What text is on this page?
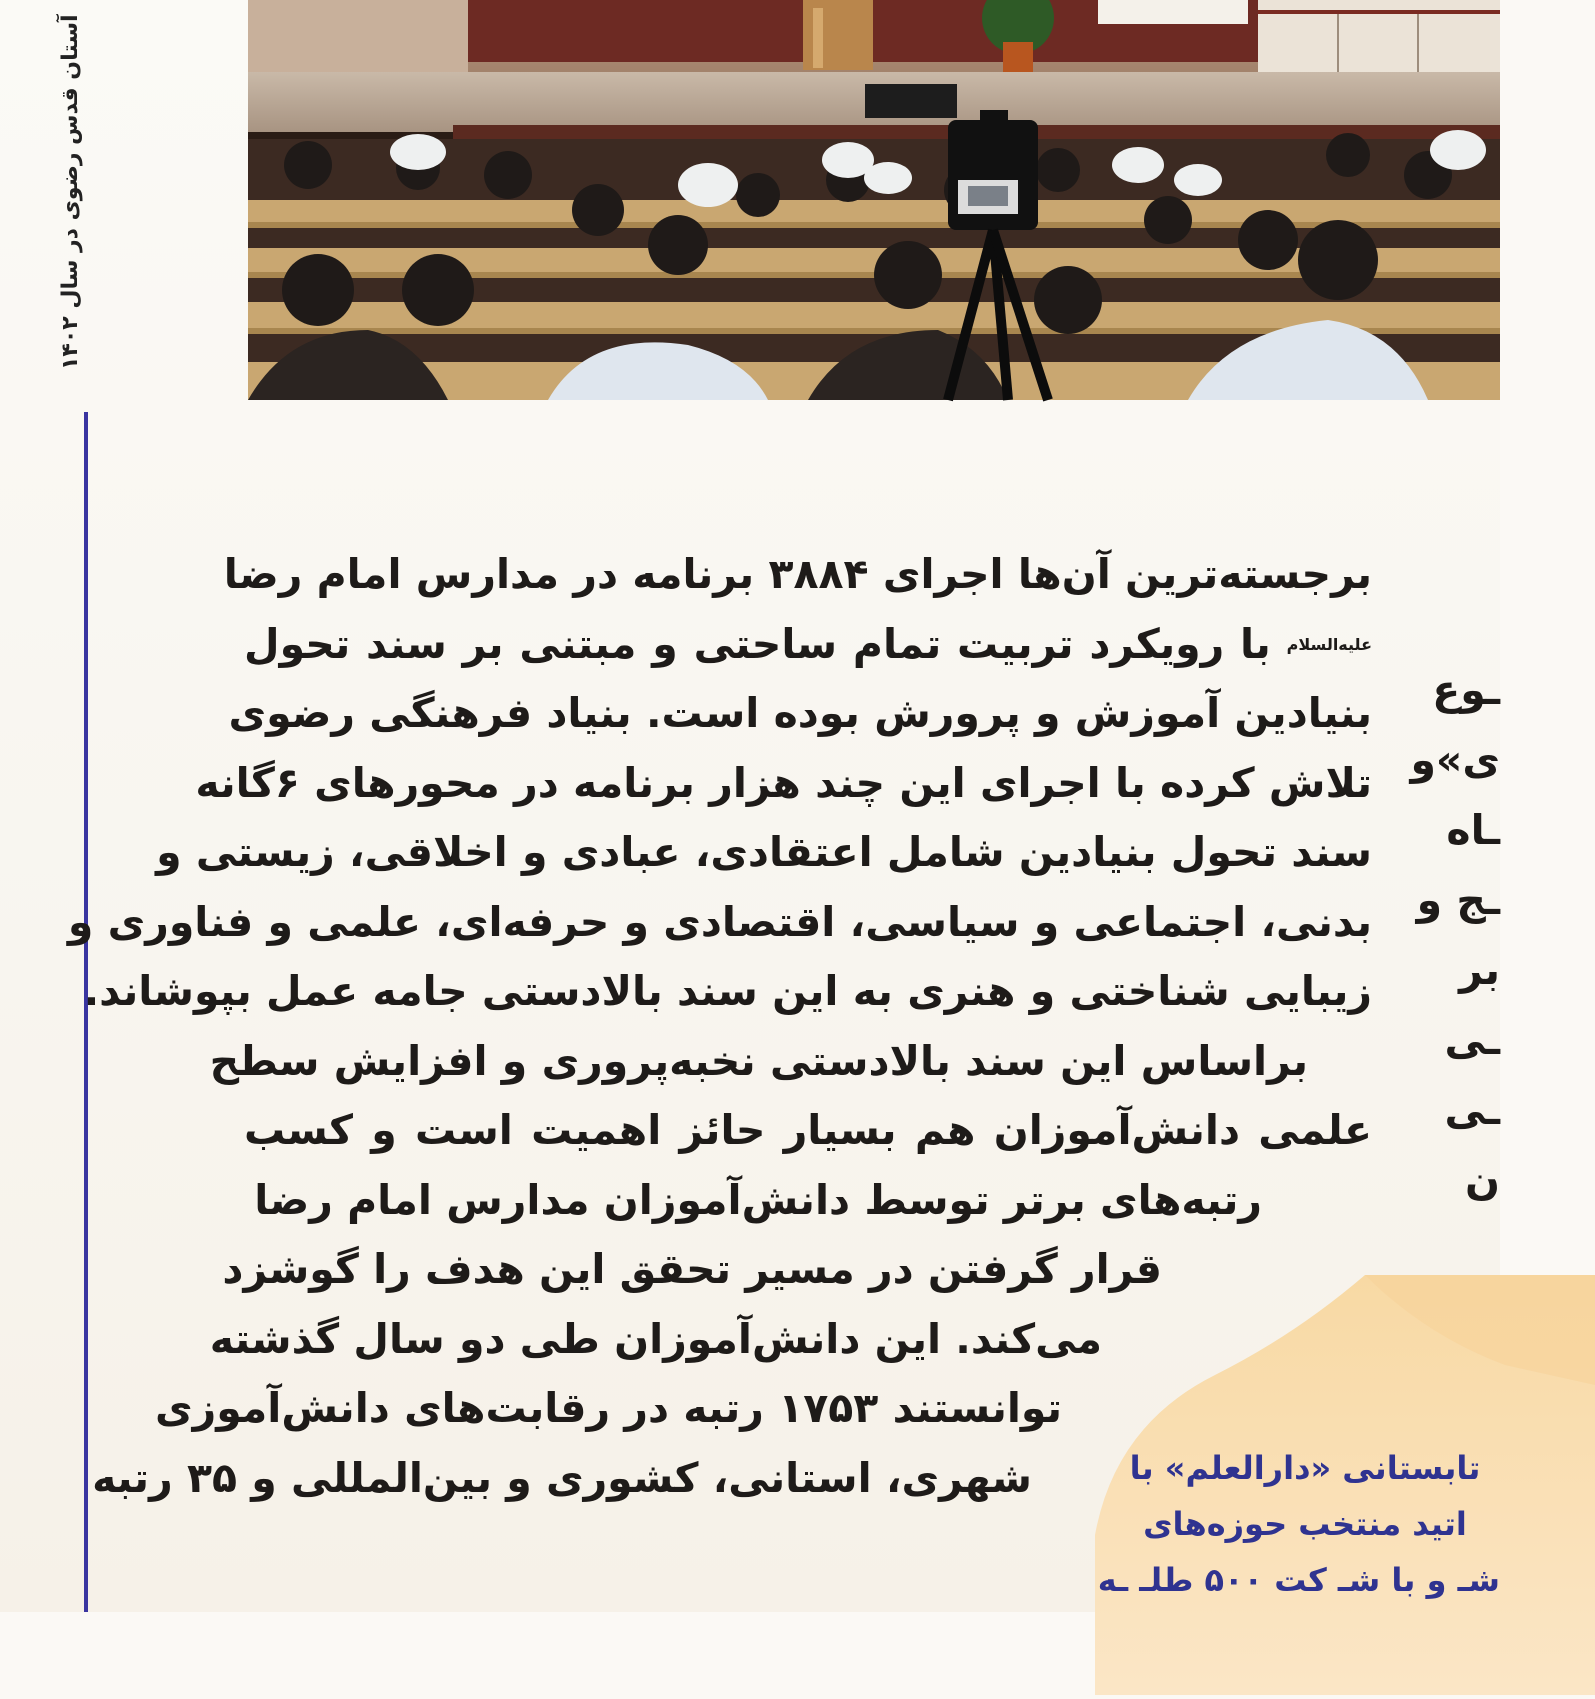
آستان قدس رضوی در سال ۱۴۰۲
برجسته‌ترین آن‌ها اجرای ۳۸۸۴ برنامه در مدارس امام رضا
$^{علیه‌السلام}$ با رویکرد تربیت تمام ساحتی و مبتنی بر سند تحول
بنیادین آموزش و پرورش بوده است. بنیاد فرهنگی رضوی
تلاش کرده با اجرای این چند هزار برنامه در محورهای ۶گانه
سند تحول بنیادین شامل اعتقادی، عبادی و اخلاقی، زیستی و
بدنی، اجتماعی و سیاسی، اقتصادی و حرفه‌ای، علمی و فناوری و
زیبایی شناختی و هنری به این سند بالادستی جامه عمل بپوشاند.
براساس این سند بالادستی نخبه‌پروری و افزایش سطح
علمی دانش‌آموزان هم بسیار حائز اهمیت است و کسب
رتبه‌های برتر توسط دانش‌آموزان مدارس امام رضا
قرار گرفتن در مسیر تحقق این هدف را گوشزد
می‌کند. این دانش‌آموزان طی دو سال گذشته
توانستند ۱۷۵۳ رتبه در رقابت‌های دانش‌آموزی
شهری، استانی، کشوری و بین‌المللی و ۳۵ رتبه
ـوع
ی»و
ـاه
ـج و
بر
ـی
ـی
ن
تابستانی «دارالعلم» با
اتید منتخب حوزه‌های
شـ و با شـ کت ۵۰۰ طلـ ـه
